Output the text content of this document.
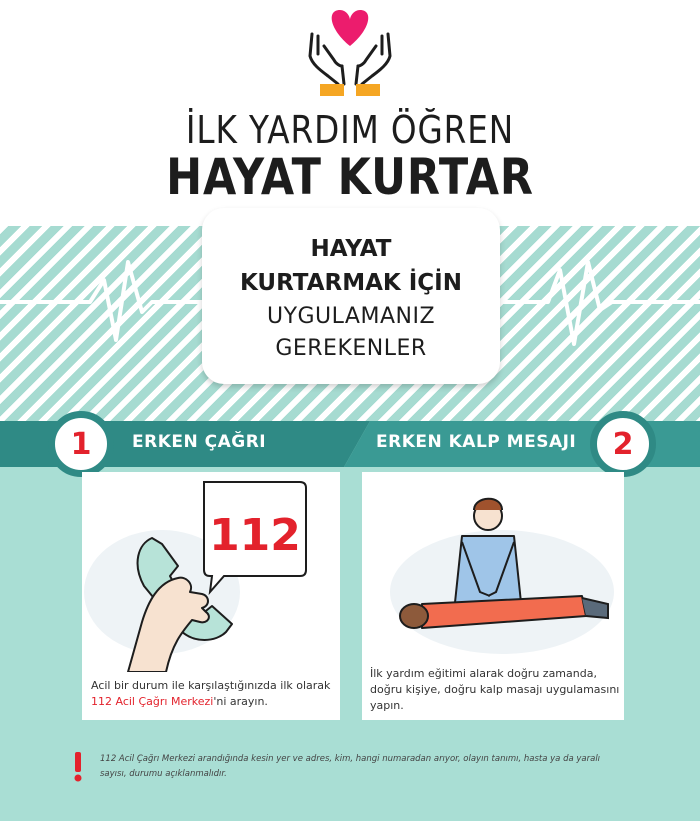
İLK YARDIM ÖĞREN
HAYAT KURTAR
HAYAT
KURTARMAK İÇİN
UYGULAMANIZ
GEREKENLER
1 ERKEN ÇAĞRI	ERKEN KALP MESAJI 2
112
Acil bir durum ile karşılaştığınızda ilk olarak
112 Acil Çağrı Merkezi'ni arayın.
İlk yardım eğitimi alarak doğru zamanda,
doğru kişiye, doğru kalp masajı uygulamasını
yapın.
112 Acil Çağrı Merkezi arandığında kesin yer ve adres, kim, hangi numaradan arıyor, olayın tanımı, hasta ya da yaralı
sayısı, durumu açıklanmalıdır.
